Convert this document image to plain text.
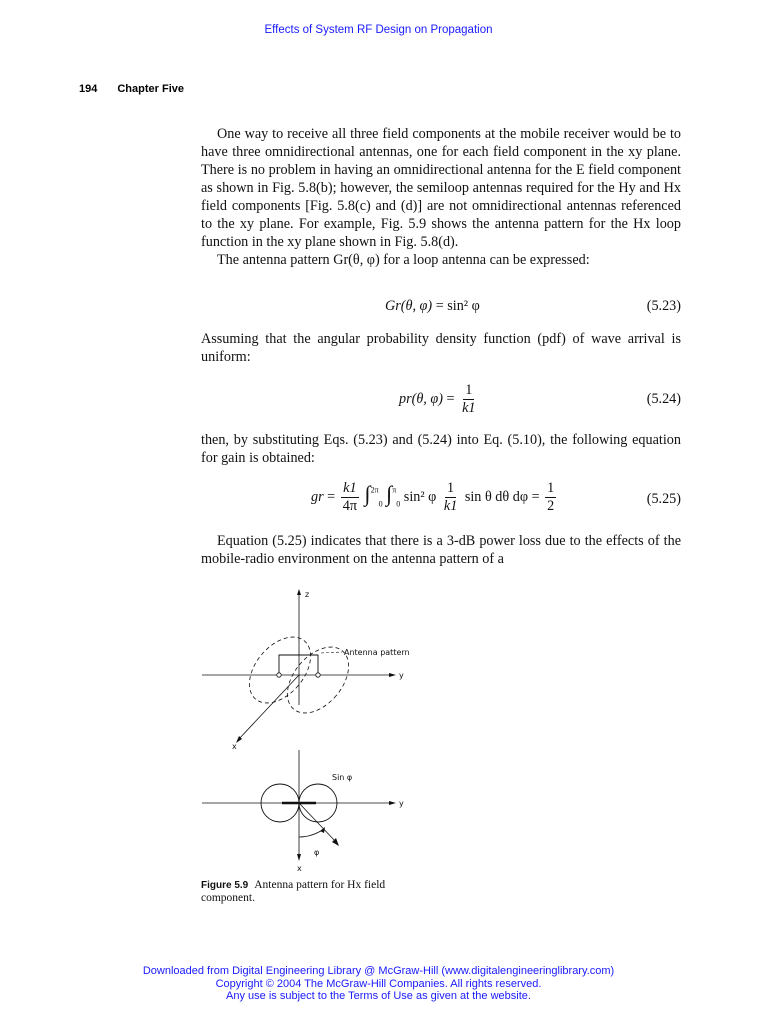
Effects of System RF Design on Propagation
194 Chapter Five

One way to receive all three field components at the mobile receiver would be to have three omnidirectional antennas, one for each field component in the xy plane. There is no problem in having an omnidirectional antenna for the E field component as shown in Fig. 5.8(b); however, the semiloop antennas required for the Hy and Hx field components [Fig. 5.8(c) and (d)] are not omnidirectional antennas referenced to the xy plane. For example, Fig. 5.9 shows the antenna pattern for the Hx loop function in the xy plane shown in Fig. 5.8(d).

The antenna pattern Gr(θ, φ) for a loop antenna can be expressed:

Gr(θ, φ) = sin² φ	(5.23)

Assuming that the angular probability density function (pdf) of wave arrival is uniform:

pr(θ, $\varphi) = \frac{1}{k1}$	(5.24)

then, by substituting Eqs. (5.23) and (5.24) into Eq. (5.10), the following equation for gain is obtained:

gr = $\frac{k1}{4\pi} \int^{2\pi}_0$ ∫$^\pi_0$ sin² φ $\frac{1}{k1}$ sin θ dθ $d\varphi = \frac{1}{2}$	(5.25)

Equation (5.25) indicates that there is a 3-dB power loss due to the effects of the mobile-radio environment on the antenna pattern of a

z
y
x
Antenna pattern
x
y
Sin φ
φ
Figure 5.9 Antenna pattern for Hx field component.
Downloaded from Digital Engineering Library @ McGraw-Hill (www.digitalengineeringlibrary.com)
Copyright © 2004 The McGraw-Hill Companies. All rights reserved.
Any use is subject to the Terms of Use as given at the website.
